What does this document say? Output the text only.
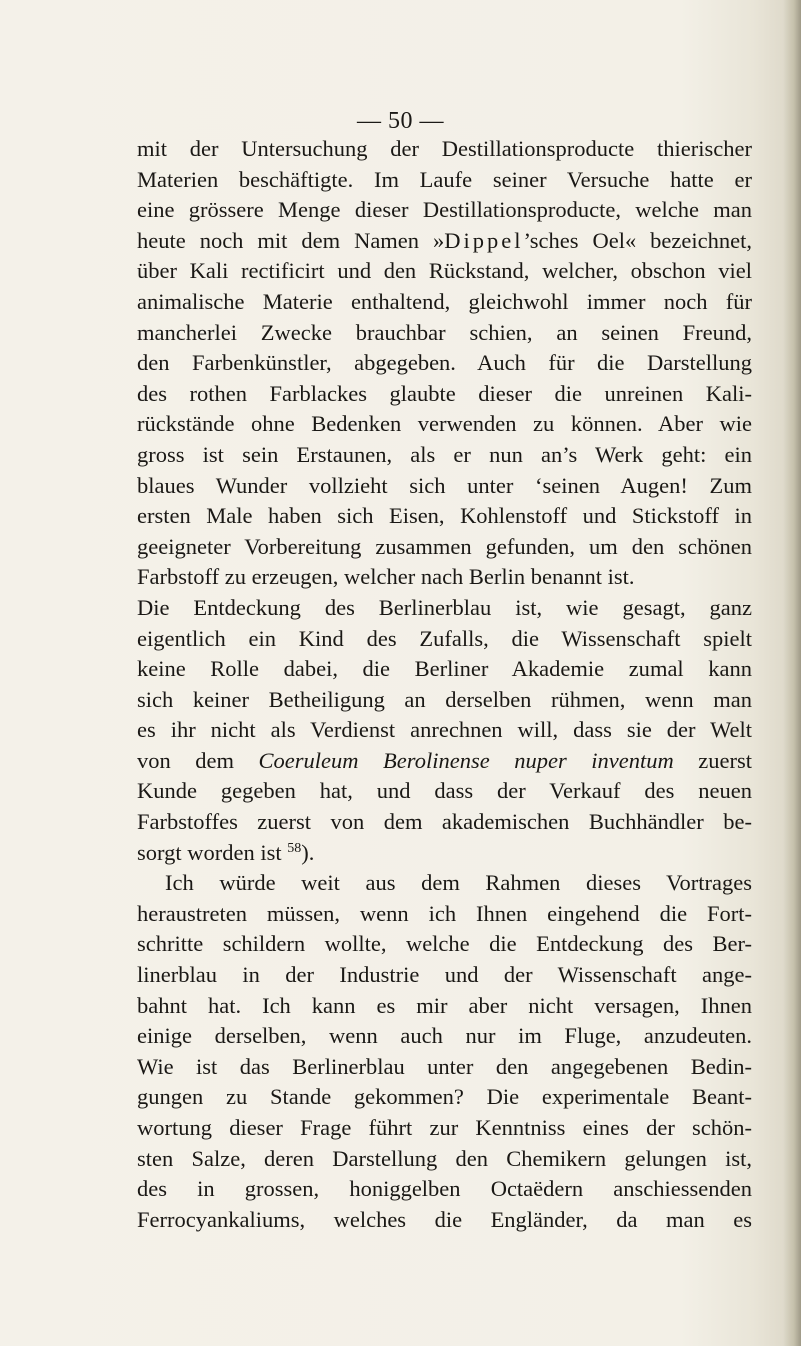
— 50 —
mit der Untersuchung der Destillationsproducte thierischer
Materien beschäftigte. Im Laufe seiner Versuche hatte er
eine grössere Menge dieser Destillationsproducte, welche man
heute noch mit dem Namen »Dippel’sches Oel« bezeichnet,
über Kali rectificirt und den Rückstand, welcher, obschon viel
animalische Materie enthaltend, gleichwohl immer noch für
mancherlei Zwecke brauchbar schien, an seinen Freund,
den Farbenkünstler, abgegeben. Auch für die Darstellung
des rothen Farblackes glaubte dieser die unreinen Kali-
rückstände ohne Bedenken verwenden zu können. Aber wie
gross ist sein Erstaunen, als er nun an’s Werk geht: ein
blaues Wunder vollzieht sich unter ‘seinen Augen! Zum
ersten Male haben sich Eisen, Kohlenstoff und Stickstoff in
geeigneter Vorbereitung zusammen gefunden, um den schönen
Farbstoff zu erzeugen, welcher nach Berlin benannt ist.
Die Entdeckung des Berlinerblau ist, wie gesagt, ganz
eigentlich ein Kind des Zufalls, die Wissenschaft spielt
keine Rolle dabei, die Berliner Akademie zumal kann
sich keiner Betheiligung an derselben rühmen, wenn man
es ihr nicht als Verdienst anrechnen will, dass sie der Welt
von dem Coeruleum Berolinense nuper inventum zuerst
Kunde gegeben hat, und dass der Verkauf des neuen
Farbstoffes zuerst von dem akademischen Buchhändler be-
sorgt worden ist $^{58}$).
Ich würde weit aus dem Rahmen dieses Vortrages
heraustreten müssen, wenn ich Ihnen eingehend die Fort-
schritte schildern wollte, welche die Entdeckung des Ber-
linerblau in der Industrie und der Wissenschaft ange-
bahnt hat. Ich kann es mir aber nicht versagen, Ihnen
einige derselben, wenn auch nur im Fluge, anzudeuten.
Wie ist das Berlinerblau unter den angegebenen Bedin-
gungen zu Stande gekommen? Die experimentale Beant-
wortung dieser Frage führt zur Kenntniss eines der schön-
sten Salze, deren Darstellung den Chemikern gelungen ist,
des in grossen, honiggelben Octaëdern anschiessenden
Ferrocyankaliums, welches die Engländer, da man es
